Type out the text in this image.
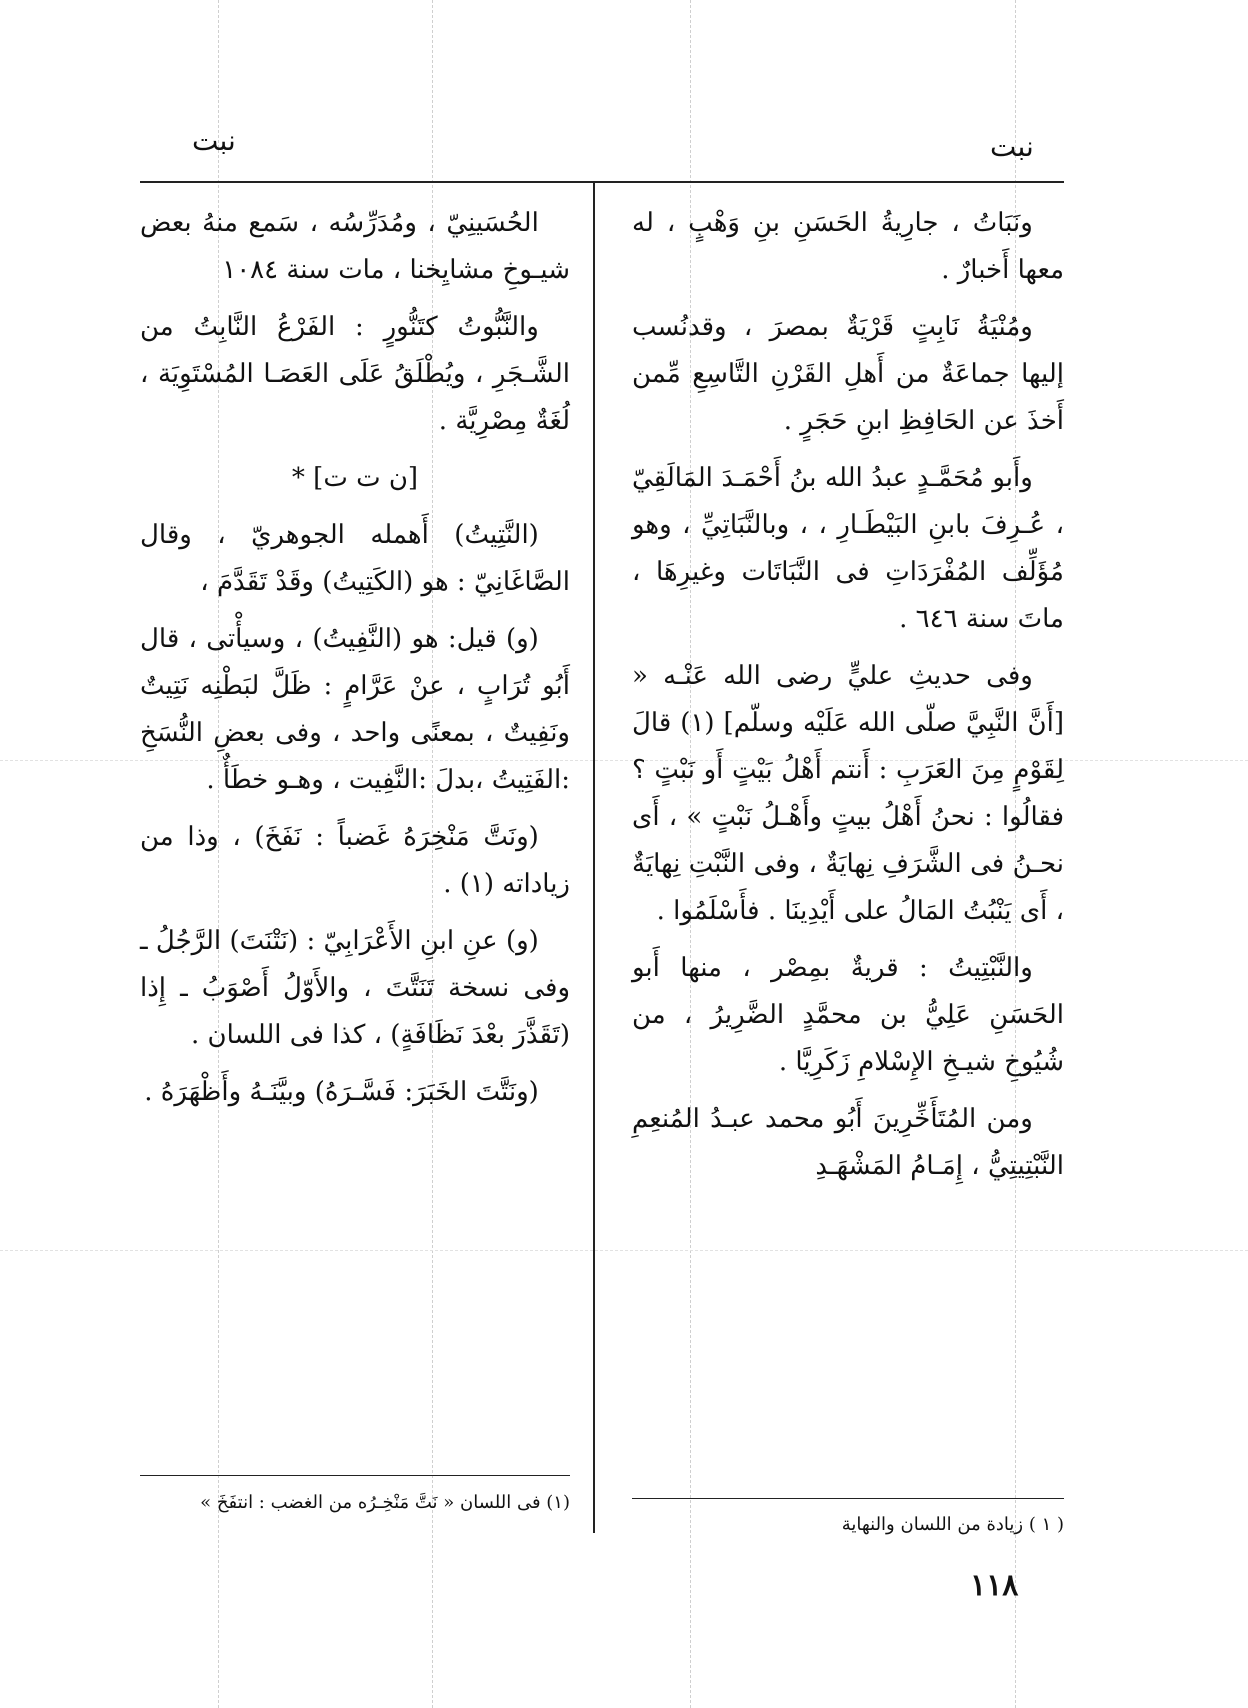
نبت	نبت

ونَبَاتُ ، جارِيةُ الحَسَنِ بنِ وَهْبٍ ، له معها أَخبارٌ .

ومُنْيَةُ نَابِتٍ قَرْيَةٌ بمصرَ ، وقدنُسب إليها جماعَةٌ من أَهلِ القَرْنِ التَّاسِعِ مِّمن أَخذَ عن الحَافِظِ ابنِ حَجَرٍ .

وأَبو مُحَمَّـدٍ عبدُ الله بنُ أَحْمَـدَ المَالَقِيّ ، عُـرِفَ بابنِ البَيْطَـارِ ، ، وبالنَّبَاتِيِّ ، وهو مُؤَلِّف المُفْرَدَاتِ فى النَّبَاتَات وغيرِهَا ، ماتَ سنة ٦٤٦ .

وفى حديثِ عليٍّ رضى الله عَنْـه « [أَنَّ النَّبِيَّ صلّى الله عَلَيْه وسلّم] (١) قالَ لِقَوْمٍ مِنَ العَرَبِ : أَنتم أَهْلُ بَيْتٍ أَو نَبْتٍ ؟ فقالُوا : نحنُ أَهْلُ بيتٍ وأَهْـلُ نَبْتٍ » ، أَى نحـنُ فى الشَّرَفِ نِهايَةٌ ، وفى النَّبْتِ نِهايَةٌ ، أَى يَنْبُتُ المَالُ على أَيْدِينَا . فأَسْلَمُوا .

والنَّبْتِيتُ : قريةٌ بمِصْر ، منها أَبو الحَسَنِ عَلِيُّ بن محمَّدٍ الضَّرِيرُ ، من شُيُوخِ شيـخِ الإِسْلامِ زَكَرِيَّا .

ومن المُتَأَخِّرِينَ أَبُو محمد عبـدُ المُنعِمِ النَّبْتِيتِيُّ ، إِمَـامُ المَشْهَـدِ

الحُسَينِيّ ، ومُدَرِّسُه ، سَمع منهُ بعض شيـوخِ مشايِخنا ، مات سنة ١٠٨٤

والنَّبُّوتُ كتَنُّورٍ : الفَرْعُ النَّابِتُ من الشَّـجَرِ ، ويُطْلَقُ عَلَى العَصَـا المُسْتَوِيَة ، لُغَةٌ مِصْرِيَّة .

[ن ت ت] *

(النَّتِيتُ) أَهمله الجوهريّ ، وقال الصَّاغَانِيّ : هو (الكَتِيتُ) وقَدْ تَقَدَّمَ ،

(و) قيل: هو (النَّفِيتُ) ، وسيأْتى ، قال أَبُو تُرَابٍ ، عنْ عَرَّامٍ : ظَلَّ لبَطْنِه نَتِيتٌ ونَفِيتٌ ، بمعنًى واحد ، وفى بعضِ النُّسَخِ :الفَتِيتُ ،بدلَ :النَّفِيت ، وهـو خطَأٌ .

(ونَتَّ مَنْخِرَهُ غَضباً : نَفَخَ) ، وذا من زياداته (١) .

(و) عنِ ابنِ الأَعْرَابِيّ : (نَتْنَتَ) الرَّجُلُ ـ وفى نسخة تَنَتَّتَ ، والأَوّلُ أَصْوَبُ ـ إِذا (تَقَذَّرَ بعْدَ نَظَافَةٍ) ، كذا فى اللسان .

(ونَتَّتَ الخَبَرَ: فَسَّـرَهُ) وبيَّنَـهُ وأَظْهَرَهُ .

(١) فى اللسان « نَتَّ مَنْخِـرُه من الغضب : انتفَخَ »
( ١ ) زيادة من اللسان والنهاية
١١٨
